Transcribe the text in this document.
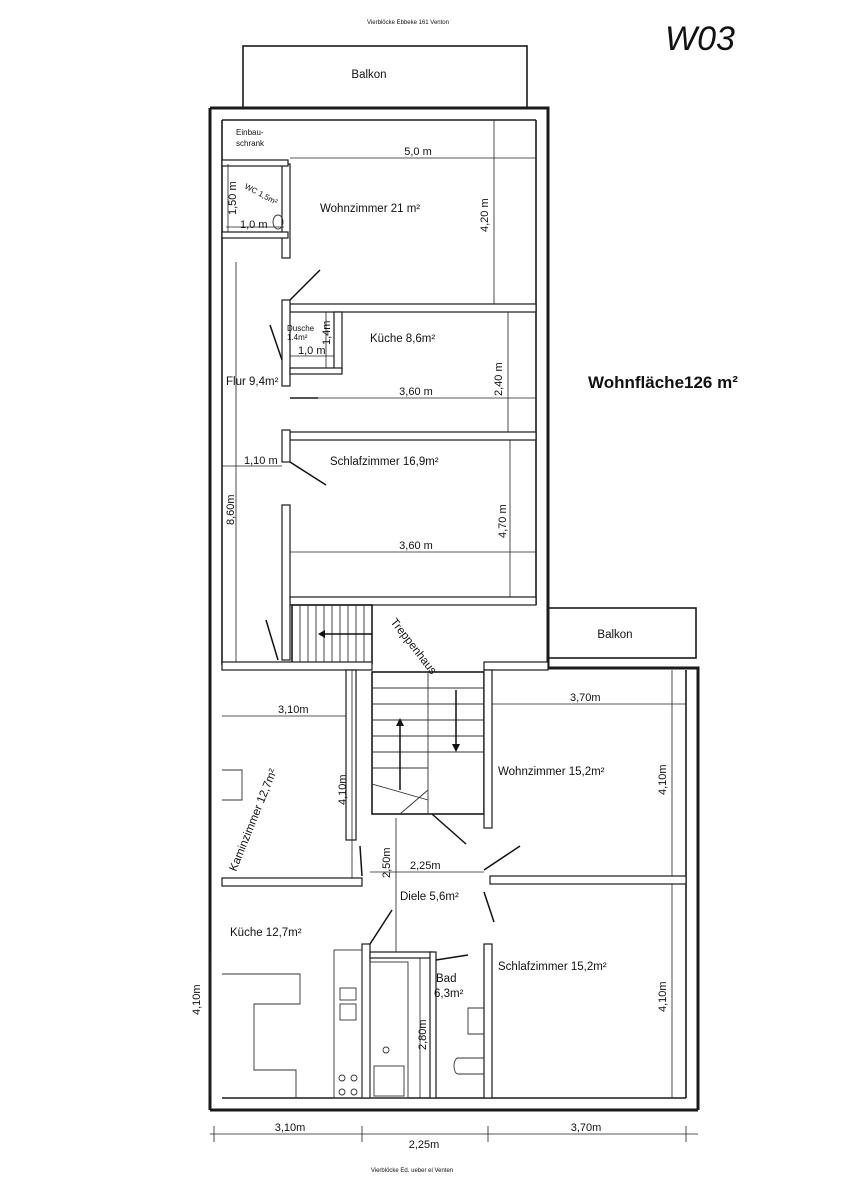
Vierblöcke Ebbeke 161 Venton	W03
Balkon
Einbau-
schrank
WC 1,5m²
1,50 m
1,0 m
5,0 m
4,20 m
Wohnzimmer 21 m²
Dusche
1.4m² 1,4m
1,0 m
Küche 8,6m²
2,40 m
3,60 m
Flur 9,4m²
1,10 m
8,60m
Schlafzimmer 16,9m²
4,70 m
3,60 m
Wohnfläche126 m²
Treppenhaus	Balkon
3,10m
Kaminzimmer 12,7m²	4,10m
3,70m
Wohnzimmer 15,2m²	4,10m
2,50m 2,25m
Diele 5,6m²
Küche 12,7m²
4,10m
2,80m
Bad
6,3m²
Schlafzimmer 15,2m²
4,10m
3,10m
2,25m
3,70m
Vierblöcke Ed. ueber el Venten
